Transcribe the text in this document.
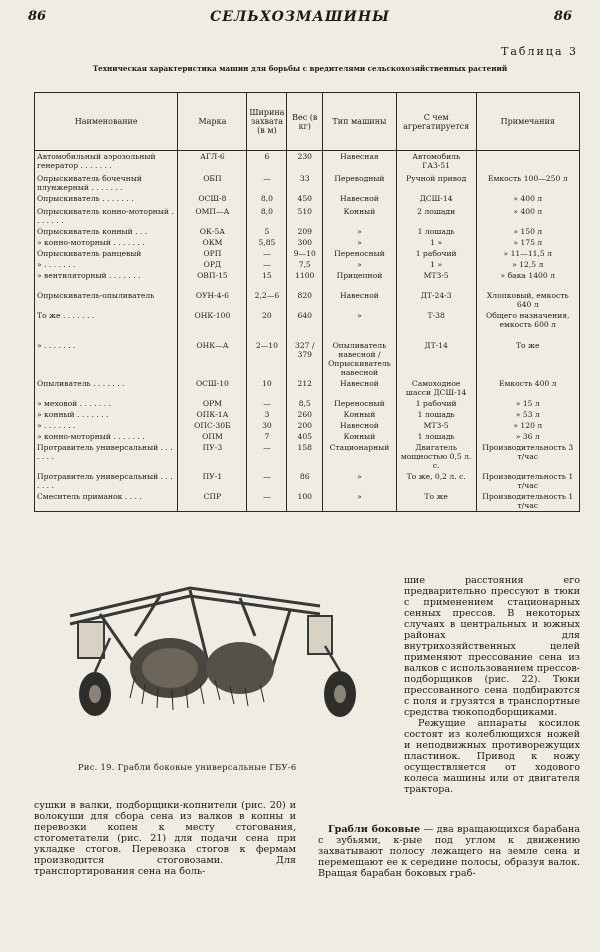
86	СЕЛЬХОЗМАШИНЫ	86
Таблица 3
Техническая характеристика машин для борьбы с вредителями сельскохозяйственных растений
Наименование	Марка	Ширина захвата (в м)	Вес (в кг)	Тип машины	С чем агрегатируется	Примечания
Автомобильный аэрозольный генератор . . . . . . .	АГЛ-6	6	230	Навесная	Автомобиль ГАЗ-51	
Опрыскиватель бочечный плунжерный . . . . . . .	ОБП	—	33	Переводный	Ручной привод	Емкость 100—250 л
Опрыскиватель . . . . . . .	ОСШ-8	8,0	450	Навесной	ДСШ-14	» 400 л
Опрыскиватель конно-моторный . . . . . . .	ОМП—А	8,0	510	Конный	2 лошади	» 400 л
Опрыскиватель конный . . .	ОК-5А	5	209	»	1 лошадь	» 150 л
» конно-моторный . . . . . . .	ОКМ	5,85	300	»	1 »	» 175 л
Опрыскиватель ранцевый	ОРП	—	9—10	Переносный	1 рабочий	» 11—11,5 л
» . . . . . . .	ОРД	—	7,5	»	1 »	» 12,5 л
» вентиляторный . . . . . . .	ОВП-15	15	1100	Прицепной	МТЗ-5	» бака 1400 л
Опрыскиватель-опыливатель	ОУН-4-6	2,2—6	820	Навесной	ДТ-24-3	Хлопковый, емкость 640 л
То же . . . . . . .	ОНК-100	20	640	»	Т-38	Общего назначения, емкость 600 л
» . . . . . . .	ОНК—А	2—10	327 / 379	Опыливатель навесной / Опрыскиватель навесной	ДТ-14	То же
Опыливатель . . . . . . .	ОСШ-10	10	212	Навесной	Самоходное шасси ДСШ-14	Емкость 400 л
» меховой . . . . . . .	ОРМ	—	8,5	Переносный	1 рабочий	» 15 л
» конный . . . . . . .	ОПК-1А	3	260	Конный	1 лошадь	» 53 л
» . . . . . . .	ОПС-30Б	30	200	Навесной	МТЗ-5	» 120 л
» конно-моторный . . . . . . .	ОПМ	7	405	Конный	1 лошадь	» 36 л
Протравитель универсальный . . . . . . .	ПУ-3	—	158	Стационарный	Двигатель мощностью 0,5 л. с.	Производительность 3 т/час
Протравитель универсальный . . . . . . .	ПУ-1	—	86	»	То же, 0,2 л. с.	Производительность 1 т/час
Смеситель приманок . . . .	СПР	—	100	»	То же	Производительность 1 т/час
Рис. 19. Грабли боковые универсальные ГБУ-6

шие расстояния его предварительно прессуют в тюки с применением стационарных сенных прессов. В некоторых случаях в центральных и южных районах для внутрихозяйственных целей применяют прессование сена из валков с использованием прессов-подборщиков (рис. 22). Тюки прессованного сена подбираются с поля и грузятся в транспортные средства тюкоподборщиками.

Режущие аппараты косилок состоят из колеблющихся ножей и неподвижных противорежущих пластинок. Привод к ножу осуществляется от ходового колеса машины или от двигателя трактора.

сушки в валки, подборщики-копнители (рис. 20) и волокуши для сбора сена из валков в копны и перевозки копен к месту стогования, стогометатели (рис. 21) для подачи сена при укладке стогов. Перевозка стогов к фермам производится стоговозами. Для транспортирования сена на боль-

Грабли боковые — два вращающихся барабана с зубьями, к-рые под углом к движению захватывают полосу лежащего на земле сена и перемещают ее к середине полосы, образуя валок. Вращая барабан боковых граб-
